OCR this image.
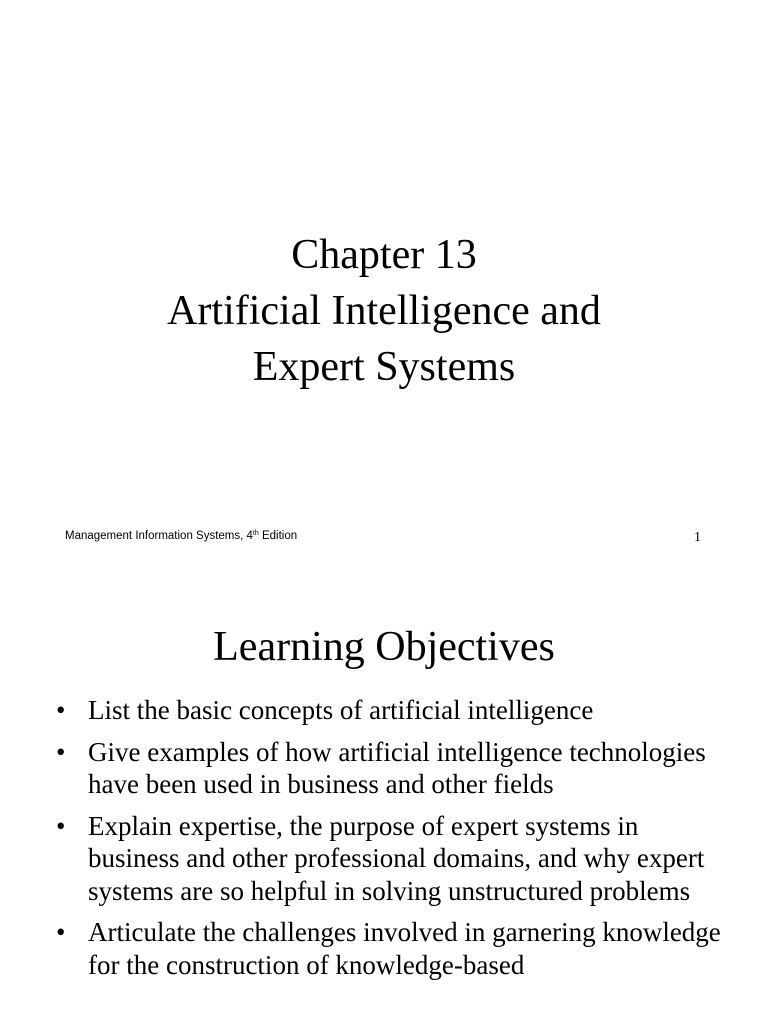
Chapter 13
Artificial Intelligence and
Expert Systems
Management Information Systems, 4th Edition	1
Learning Objectives
• List the basic concepts of artificial intelligence
• Give examples of how artificial intelligence technologies have been used in business and other fields
• Explain expertise, the purpose of expert systems in business and other professional domains, and why expert systems are so helpful in solving unstructured problems
• Articulate the challenges involved in garnering knowledge for the construction of knowledge-based
